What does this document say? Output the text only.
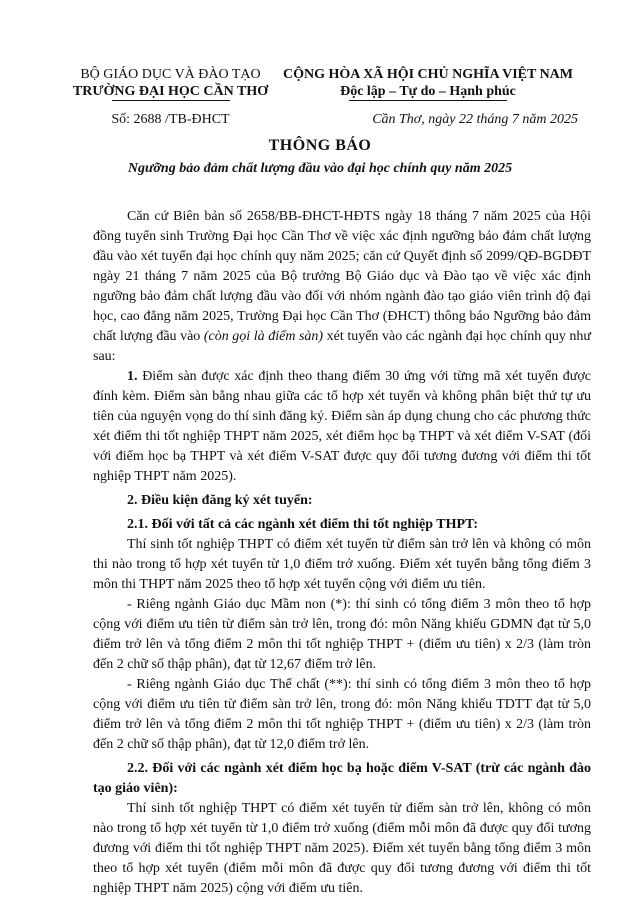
BỘ GIÁO DỤC VÀ ĐÀO TẠO
TRƯỜNG ĐẠI HỌC CẦN THƠ
CỘNG HÒA XÃ HỘI CHỦ NGHĨA VIỆT NAM
Độc lập – Tự do – Hạnh phúc
Số: 2688 /TB-ĐHCT	Cần Thơ, ngày 22 tháng 7 năm 2025
THÔNG BÁO
Ngưỡng bảo đảm chất lượng đầu vào đại học chính quy năm 2025

Căn cứ Biên bản số 2658/BB-ĐHCT-HĐTS ngày 18 tháng 7 năm 2025 của Hội đồng tuyển sinh Trường Đại học Cần Thơ về việc xác định ngưỡng bảo đảm chất lượng đầu vào xét tuyển đại học chính quy năm 2025; căn cứ Quyết định số 2099/QĐ-BGDĐT ngày 21 tháng 7 năm 2025 của Bộ trưởng Bộ Giáo dục và Đào tạo về việc xác định ngưỡng bảo đảm chất lượng đầu vào đối với nhóm ngành đào tạo giáo viên trình độ đại học, cao đẳng năm 2025, Trường Đại học Cần Thơ (ĐHCT) thông báo Ngưỡng bảo đảm chất lượng đầu vào (còn gọi là điểm sàn) xét tuyển vào các ngành đại học chính quy như sau:

1. Điểm sàn được xác định theo thang điểm 30 ứng với từng mã xét tuyển được đính kèm. Điểm sàn bằng nhau giữa các tổ hợp xét tuyển và không phân biệt thứ tự ưu tiên của nguyện vọng do thí sinh đăng ký. Điểm sàn áp dụng chung cho các phương thức xét điểm thi tốt nghiệp THPT năm 2025, xét điểm học bạ THPT và xét điểm V-SAT (đối với điểm học bạ THPT và xét điểm V-SAT được quy đổi tương đương với điểm thi tốt nghiệp THPT năm 2025).

2. Điều kiện đăng ký xét tuyển:

2.1. Đối với tất cả các ngành xét điểm thi tốt nghiệp THPT:

Thí sinh tốt nghiệp THPT có điểm xét tuyển từ điểm sàn trở lên và không có môn thi nào trong tổ hợp xét tuyển từ 1,0 điểm trở xuống. Điểm xét tuyển bằng tổng điểm 3 môn thi THPT năm 2025 theo tổ hợp xét tuyển cộng với điểm ưu tiên.

- Riêng ngành Giáo dục Mầm non (*): thí sinh có tổng điểm 3 môn theo tổ hợp cộng với điểm ưu tiên từ điểm sàn trở lên, trong đó: môn Năng khiếu GDMN đạt từ 5,0 điểm trở lên và tổng điểm 2 môn thi tốt nghiệp THPT + (điểm ưu tiên) x 2/3 (làm tròn đến 2 chữ số thập phân), đạt từ 12,67 điểm trở lên.

- Riêng ngành Giáo dục Thể chất (**): thí sinh có tổng điểm 3 môn theo tổ hợp cộng với điểm ưu tiên từ điểm sàn trở lên, trong đó: môn Năng khiếu TDTT đạt từ 5,0 điểm trở lên và tổng điểm 2 môn thi tốt nghiệp THPT + (điểm ưu tiên) x 2/3 (làm tròn đến 2 chữ số thập phân), đạt từ 12,0 điểm trở lên.

2.2. Đối với các ngành xét điểm học bạ hoặc điểm V-SAT (trừ các ngành đào tạo giáo viên):

Thí sinh tốt nghiệp THPT có điểm xét tuyển từ điểm sàn trở lên, không có môn nào trong tổ hợp xét tuyển từ 1,0 điểm trở xuống (điểm mỗi môn đã được quy đổi tương đương với điểm thi tốt nghiệp THPT năm 2025). Điểm xét tuyển bằng tổng điểm 3 môn theo tổ hợp xét tuyển (điểm mỗi môn đã được quy đổi tương đương với điểm thi tốt nghiệp THPT năm 2025) cộng với điểm ưu tiên.
